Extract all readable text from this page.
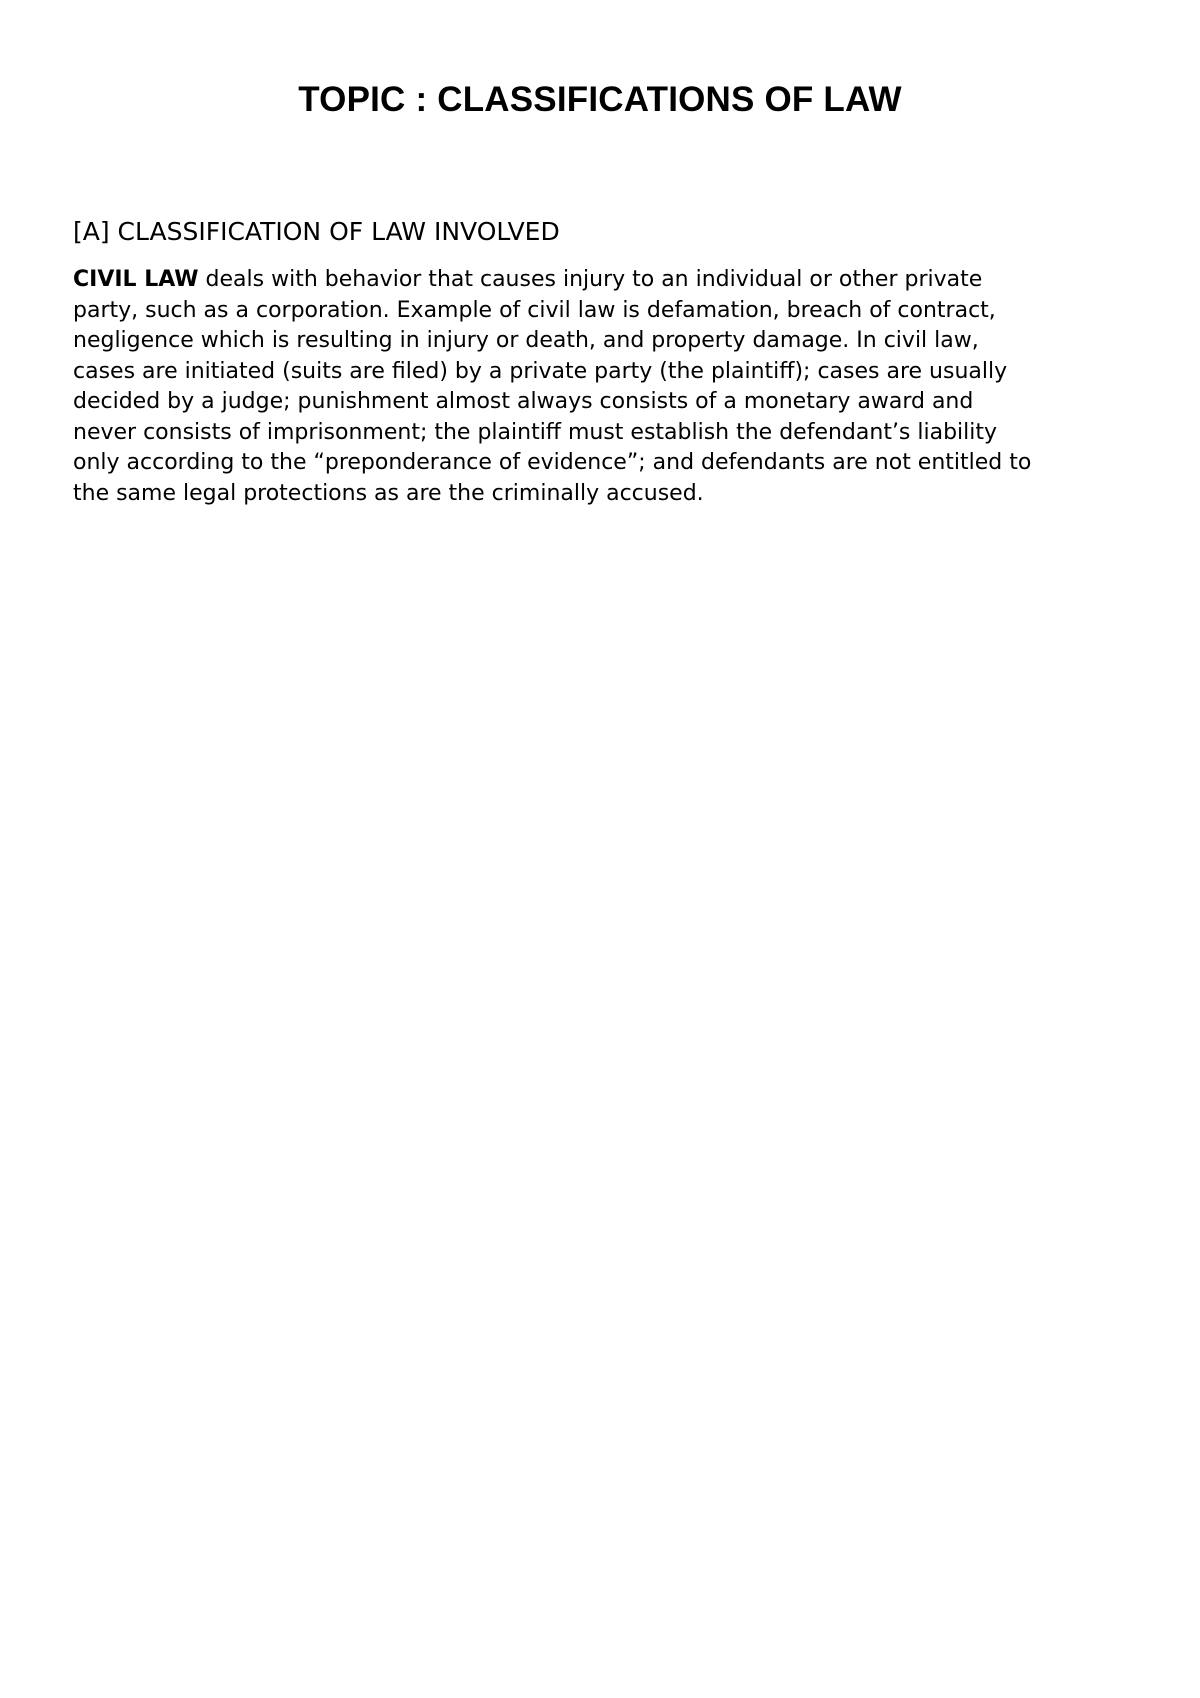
TOPIC : CLASSIFICATIONS OF LAW
[A] CLASSIFICATION OF LAW INVOLVED

CIVIL LAW deals with behavior that causes injury to an individual or other private
party, such as a corporation. Example of civil law is defamation, breach of contract,
negligence which is resulting in injury or death, and property damage. In civil law,
cases are initiated (suits are filed) by a private party (the plaintiff); cases are usually
decided by a judge; punishment almost always consists of a monetary award and
never consists of imprisonment; the plaintiff must establish the defendant’s liability
only according to the “preponderance of evidence”; and defendants are not entitled to
the same legal protections as are the criminally accused.
